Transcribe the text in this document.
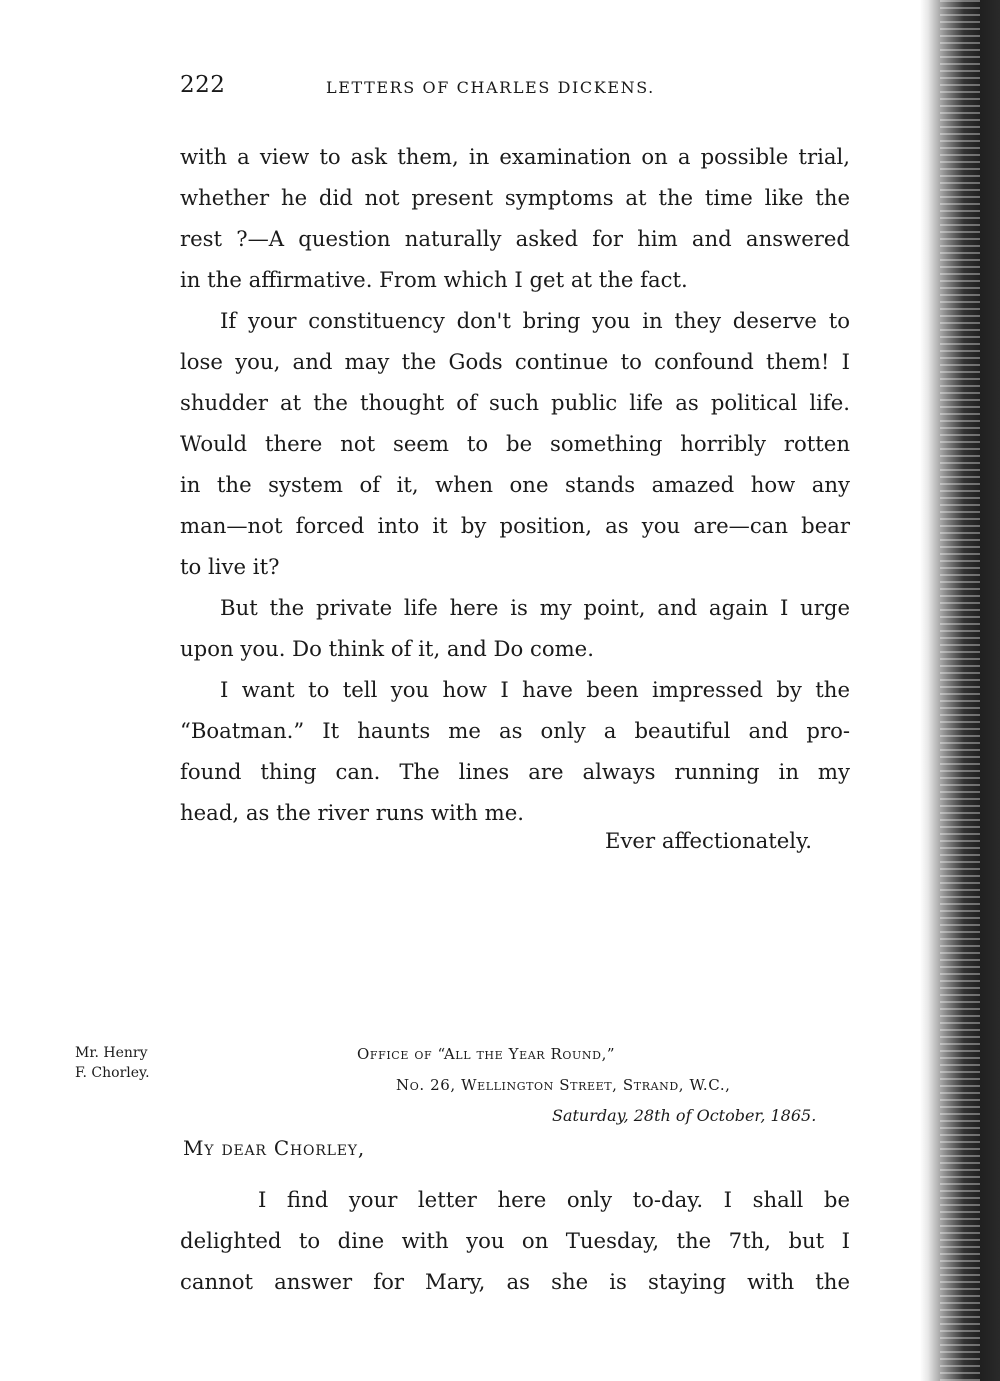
222	LETTERS OF CHARLES DICKENS.
with a view to ask them, in examination on a possible trial,
whether he did not present symptoms at the time like the
rest ?—A question naturally asked for him and answered
in the affirmative. From which I get at the fact.
If your constituency don't bring you in they deserve to
lose you, and may the Gods continue to confound them! I
shudder at the thought of such public life as political life.
Would there not seem to be something horribly rotten
in the system of it, when one stands amazed how any
man—not forced into it by position, as you are—can bear
to live it?
But the private life here is my point, and again I urge
upon you. Do think of it, and Do come.
I want to tell you how I have been impressed by the
“Boatman.” It haunts me as only a beautiful and pro-
found thing can. The lines are always running in my
head, as the river runs with me.
Ever affectionately.
Mr. Henry
F. Chorley.
Office of “All the Year Round,”
No. 26, Wellington Street, Strand, W.C.,
Saturday, 28th of October, 1865.
My dear Chorley,
I find your letter here only to-day. I shall be
delighted to dine with you on Tuesday, the 7th, but I
cannot answer for Mary, as she is staying with the
